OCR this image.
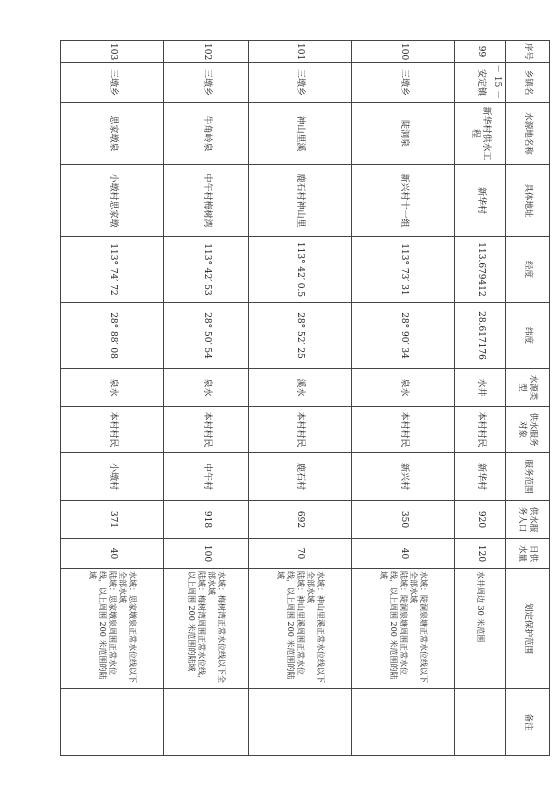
－ 15 －
序号	乡镇名	水源地名称	具体地址	经度	纬度	水源类型	供水服务对象	服务范围	供水服务人口	日供水量	划定保护范围	备注
99	安定镇	新华村供水工程	新华村	113.679412	28.617176	水井	本村村民	新华村	920	120	水井周边 30 米范围	
100	三墩乡	陡洞泉	新兴村十一组	113° 73′ 31	28° 90′ 34	泉水	本村村民	新兴村	350	40	水域：陡洞泉塘正常水位线以下全部水域
陆域：陡洞泉塘周围正常水位线，以上周围 200 米范围的陆域	
101	三墩乡	神山里溪	鹿石村神山里	113° 42′ 0.5	28° 52′ 25	溪水	本村村民	鹿石村	692	70	水域：神山里溪正常水位线以下全部水域
陆域：神山里溪周围正常水位线，以上周围 200 米范围的陆域	
102	三墩乡	牛角岭泉	中午村梅树湾	113° 42′ 53	28° 50′ 54	泉水	本村村民	中午村	918	100	水域：梅树湾正常水位线以下全部水域
陆域：梅树湾周围正常水位线，以上周围 200 米范围的陆域	
103	三墩乡	思家墩泉	小墩村思家墩	113° 74′ 72	28° 88′ 08	泉水	本村村民	小墩村	371	40	水域：思家墩泉正常水位线以下全部水域
陆域：思家墩泉周围正常水位线，以上周围 200 米范围的陆域	
